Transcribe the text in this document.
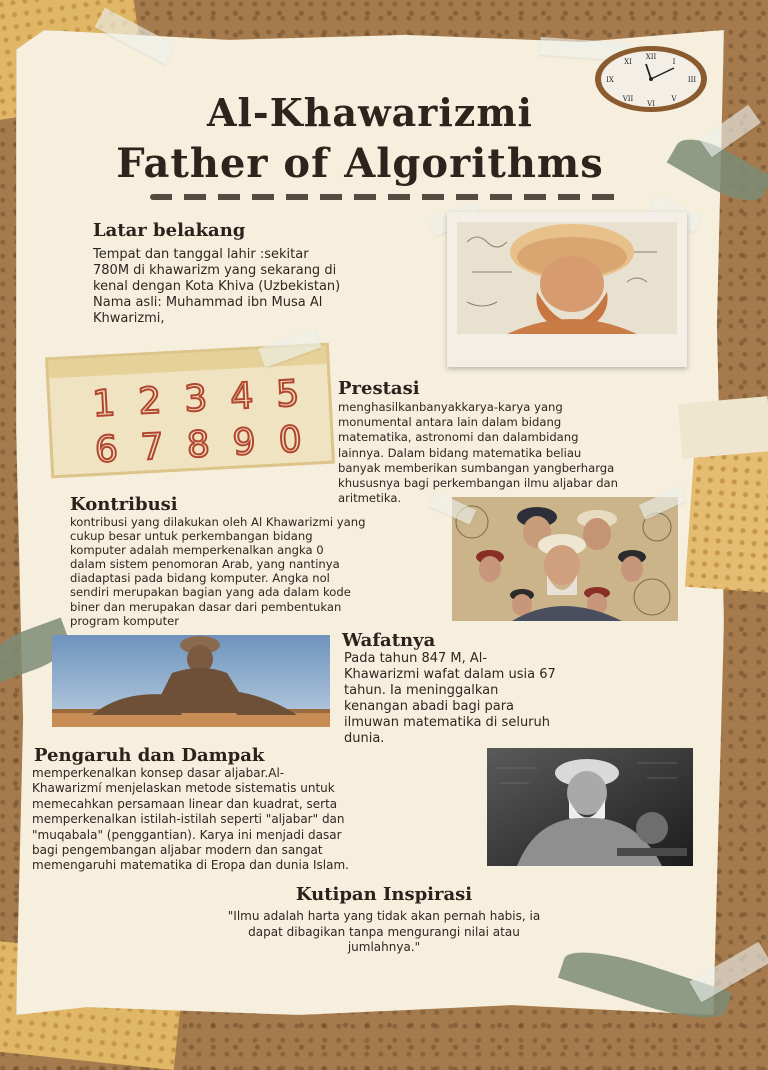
XII
III
VI
IX
I
XI
V
VII
Al-Khawarizmi
Father of Algorithms
Latar belakang
Tempat dan tanggal lahir :sekitar
780M di khawarizm yang sekarang di
kenal dengan Kota Khiva (Uzbekistan)
Nama asli: Muhammad ibn Musa Al
Khwarizmi,
1 2 3 4 5
6 7 8 9 0
Prestasi
menghasilkanbanyakkarya-karya yang
monumental antara lain dalam bidang
matematika, astronomi dan dalambidang
lainnya. Dalam bidang matematika beliau
banyak memberikan sumbangan yangberharga
khususnya bagi perkembangan ilmu aljabar dan
aritmetika.
Kontribusi
kontribusi yang dilakukan oleh Al Khawarizmi yang
cukup besar untuk perkembangan bidang
komputer adalah memperkenalkan angka 0
dalam sistem penomoran Arab, yang nantinya
diadaptasi pada bidang komputer. Angka nol
sendiri merupakan bagian yang ada dalam kode
biner dan merupakan dasar dari pembentukan
program komputer
Wafatnya
Pada tahun 847 M, Al-
Khawarizmi wafat dalam usia 67
tahun. Ia meninggalkan
kenangan abadi bagi para
ilmuwan matematika di seluruh
dunia.
Pengaruh dan Dampak
memperkenalkan konsep dasar aljabar.Al-
Khawarizmí menjelaskan metode sistematis untuk
memecahkan persamaan linear dan kuadrat, serta
memperkenalkan istilah-istilah seperti "aljabar" dan
"muqabala" (penggantian). Karya ini menjadi dasar
bagi pengembangan aljabar modern dan sangat
memengaruhi matematika di Eropa dan dunia Islam.
Kutipan Inspirasi
"Ilmu adalah harta yang tidak akan pernah habis, ia
dapat dibagikan tanpa mengurangi nilai atau
jumlahnya."
